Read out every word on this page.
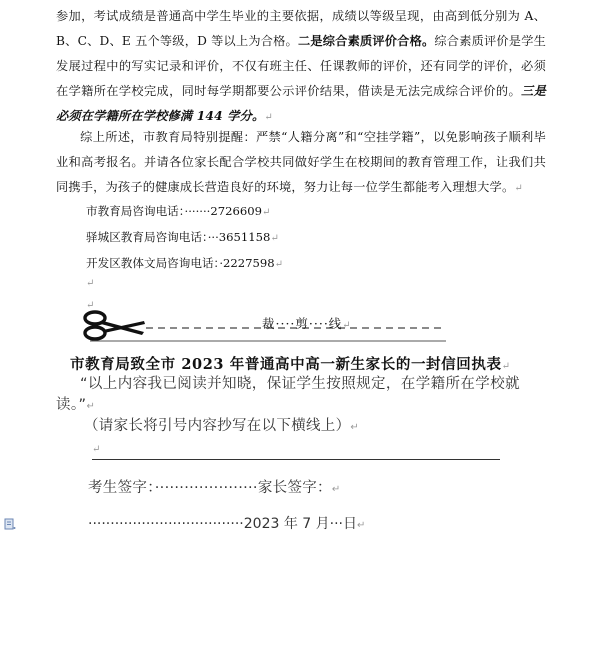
参加，考试成绩是普通高中学生毕业的主要依据，成绩以等级呈现，由高到低分别为 A、B、C、D、E 五个等级，D 等以上为合格。二是综合素质评价合格。综合素质评价是学生发展过程中的写实记录和评价，不仅有班主任、任课教师的评价，还有同学的评价，必须在学籍所在学校完成，同时每学期都要公示评价结果，借读是无法完成综合评价的。三是必须在学籍所在学校修满 144 学分。↵
综上所述，市教育局特别提醒：严禁“人籍分离”和“空挂学籍”，以免影响孩子顺利毕业和高考报名。并请各位家长配合学校共同做好学生在校期间的教育管理工作，让我们共同携手，为孩子的健康成长营造良好的环境，努力让每一位学生都能考入理想大学。↵
市教育局咨询电话：·······2726609↵
驿城区教育局咨询电话：···3651158↵
开发区教体文局咨询电话：·2227598↵
↵
↵
裁····剪····线↵
市教育局致全市 2023 年普通高中高一新生家长的一封信回执表↵
“以上内容我已阅读并知晓，保证学生按照规定，在学籍所在学校就读。”↵
（请家长将引号内容抄写在以下横线上）↵
↵
考生签字：·····················家长签字：↵
···································2023 年 7 月···日↵
